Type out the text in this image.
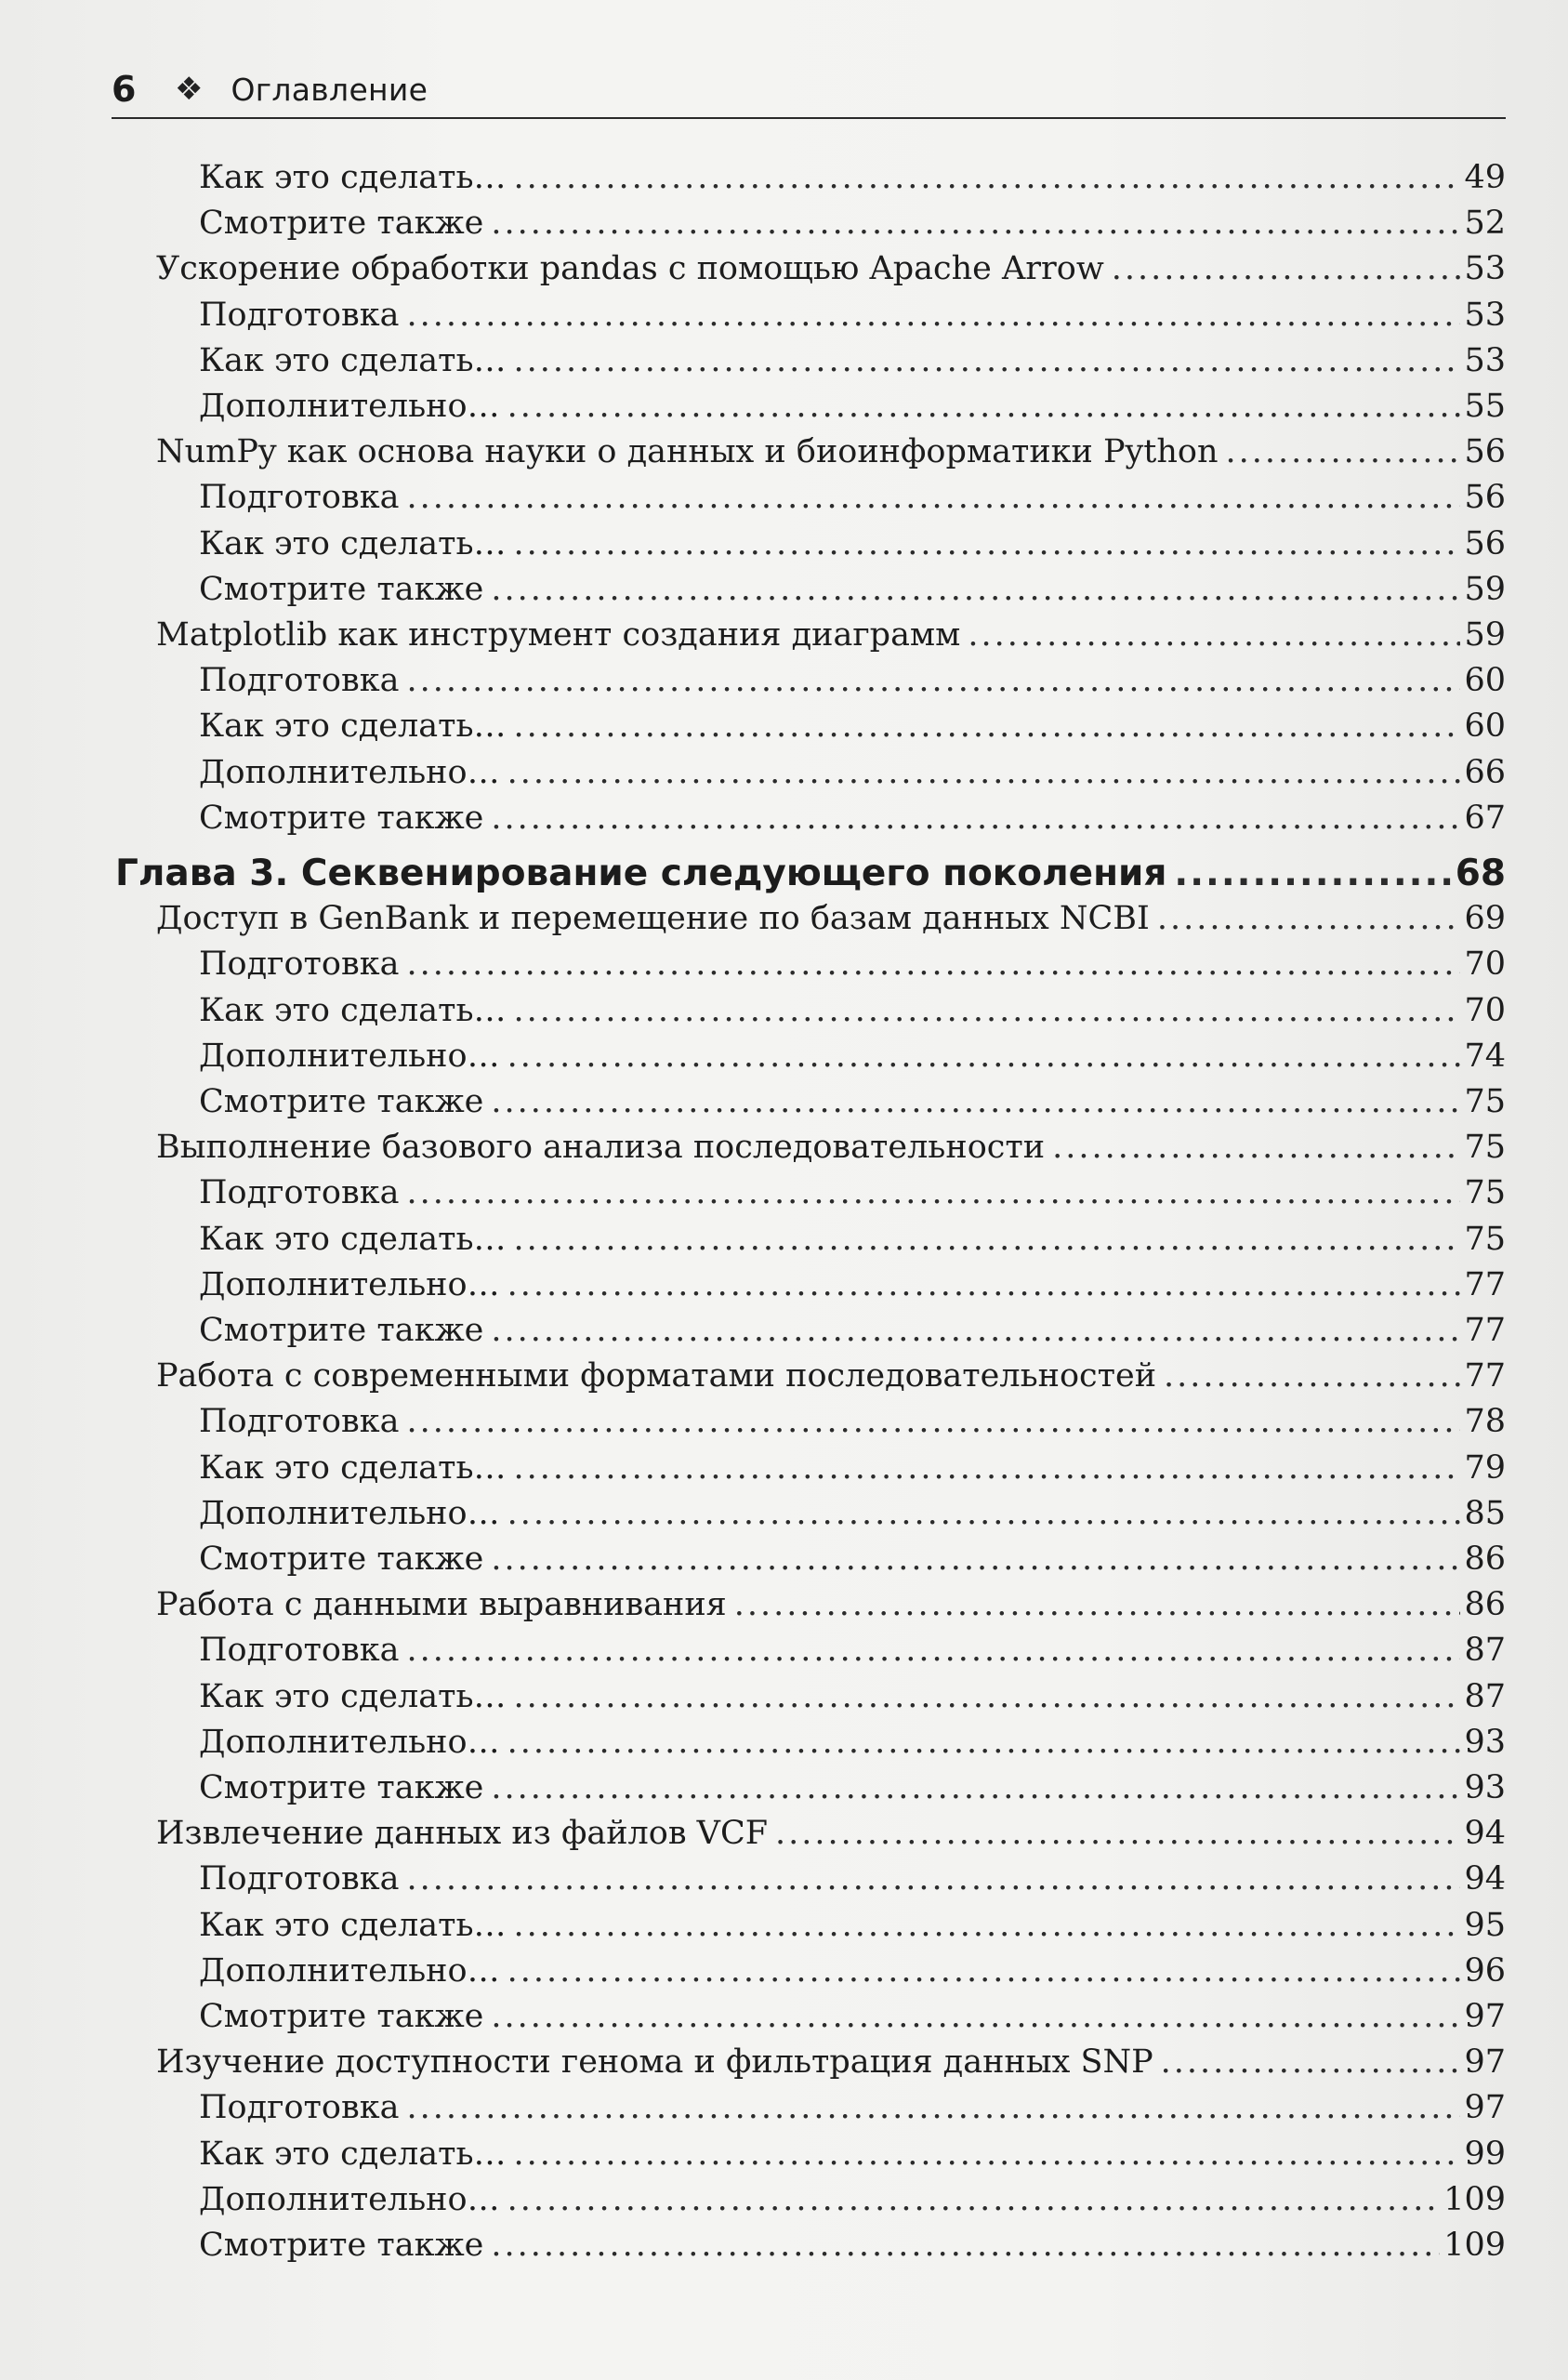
6	❖ Оглавление
Как это сделать… .....	49
Смотрите также .....	52
Ускорение обработки pandas с помощью Apache Arrow .....	53
Подготовка .....	53
Как это сделать… .....	53
Дополнительно… .....	55
NumPy как основа науки о данных и биоинформатики Python .....	56
Подготовка .....	56
Как это сделать… .....	56
Смотрите также .....	59
Matplotlib как инструмент создания диаграмм .....	59
Подготовка .....	60
Как это сделать… .....	60
Дополнительно… .....	66
Смотрите также .....	67
Глава 3. Секвенирование следующего поколения .....	68
Доступ в GenBank и перемещение по базам данных NCBI .....	69
Подготовка .....	70
Как это сделать… .....	70
Дополнительно… .....	74
Смотрите также .....	75
Выполнение базового анализа последовательности .....	75
Подготовка .....	75
Как это сделать… .....	75
Дополнительно… .....	77
Смотрите также .....	77
Работа с современными форматами последовательностей .....	77
Подготовка .....	78
Как это сделать… .....	79
Дополнительно… .....	85
Смотрите также .....	86
Работа с данными выравнивания .....	86
Подготовка .....	87
Как это сделать… .....	87
Дополнительно… .....	93
Смотрите также .....	93
Извлечение данных из файлов VCF .....	94
Подготовка .....	94
Как это сделать… .....	95
Дополнительно… .....	96
Смотрите также .....	97
Изучение доступности генома и фильтрация данных SNP .....	97
Подготовка .....	97
Как это сделать… .....	99
Дополнительно… .....	109
Смотрите также .....	109
